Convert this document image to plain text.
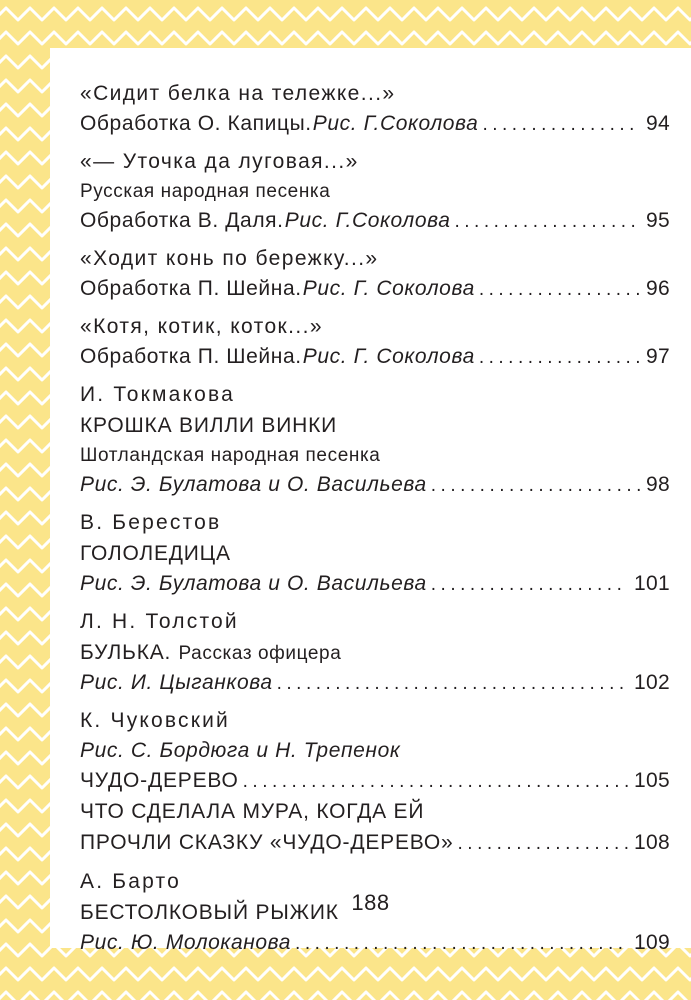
«Сидит белка на тележке...»
Обработка О. Капицы. Рис. Г.Соколова .....	94
«— Уточка да луговая...»
Русская народная песенка
Обработка В. Даля. Рис. Г.Соколова .....	95
«Ходит конь по бережку...»
Обработка П. Шейна. Рис. Г. Соколова .....	96
«Котя, котик, коток...»
Обработка П. Шейна. Рис. Г. Соколова .....	97
И. Токмакова
КРОШКА ВИЛЛИ ВИНКИ
Шотландская народная песенка
Рис. Э. Булатова и О. Васильева .....	98
В. Берестов
ГОЛОЛЕДИЦА
Рис. Э. Булатова и О. Васильева .....	101
Л. Н. Толстой
БУЛЬКА. Рассказ офицера
Рис. И. Цыганкова .....	102
К. Чуковский
Рис. С. Бордюга и Н. Трепенок
ЧУДО-ДЕРЕВО .....	105
ЧТО СДЕЛАЛА МУРА, КОГДА ЕЙ
ПРОЧЛИ СКАЗКУ «ЧУДО-ДЕРЕВО» .....	108
А. Барто
БЕСТОЛКОВЫЙ РЫЖИК
Рис. Ю. Молоканова .....	109
188
